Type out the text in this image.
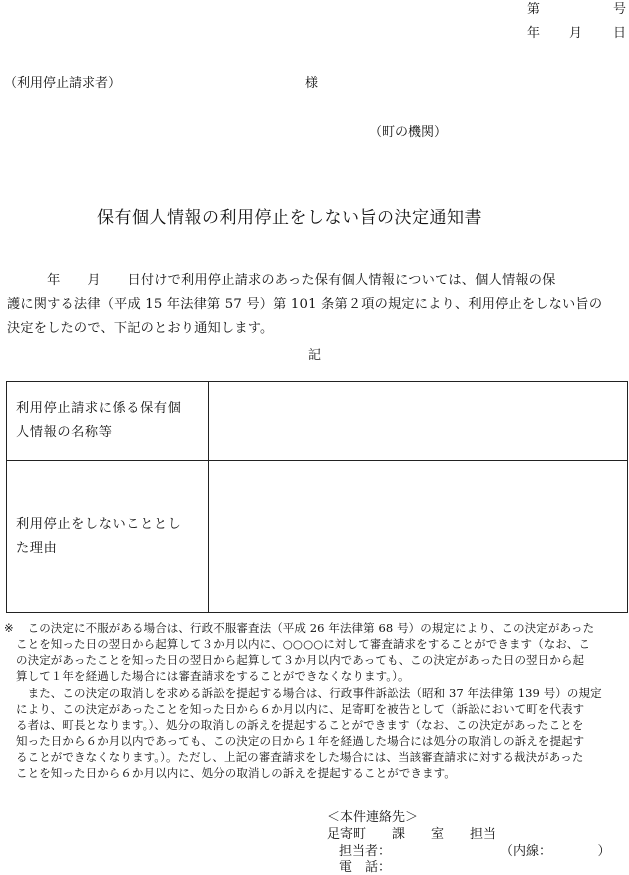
第	号
年 月 日
（利用停止請求者）	様
（町の機関）
保有個人情報の利用停止をしない旨の決定通知書
　　　年　　月　　日付けで利用停止請求のあった保有個人情報については、個人情報の保
護に関する法律（平成 15 年法律第 57 号）第 101 条第２項の規定により、利用停止をしない旨の
決定をしたので、下記のとおり通知します。
記
利用停止請求に係る保有個
人情報の名称等	

利用停止をしないこととし
た理由	

※ 　この決定に不服がある場合は、行政不服審査法（平成 26 年法律第 68 号）の規定により、この決定があった
ことを知った日の翌日から起算して３か月以内に、○○○○に対して審査請求をすることができます（なお、こ
の決定があったことを知った日の翌日から起算して３か月以内であっても、この決定があった日の翌日から起
算して１年を経過した場合には審査請求をすることができなくなります。）。
　また、この決定の取消しを求める訴訟を提起する場合は、行政事件訴訟法（昭和 37 年法律第 139 号）の規定
により、この決定があったことを知った日から６か月以内に、足寄町を被告として（訴訟において町を代表す
る者は、町長となります。）、処分の取消しの訴えを提起することができます（なお、この決定があったことを
知った日から６か月以内であっても、この決定の日から１年を経過した場合には処分の取消しの訴えを提起す
ることができなくなります。）。ただし、上記の審査請求をした場合には、当該審査請求に対する裁決があった
ことを知った日から６か月以内に、処分の取消しの訴えを提起することができます。
＜本件連絡先＞
足寄町　　課　　室　　担当
担当者：	（内線：　　　　）
電　話：
